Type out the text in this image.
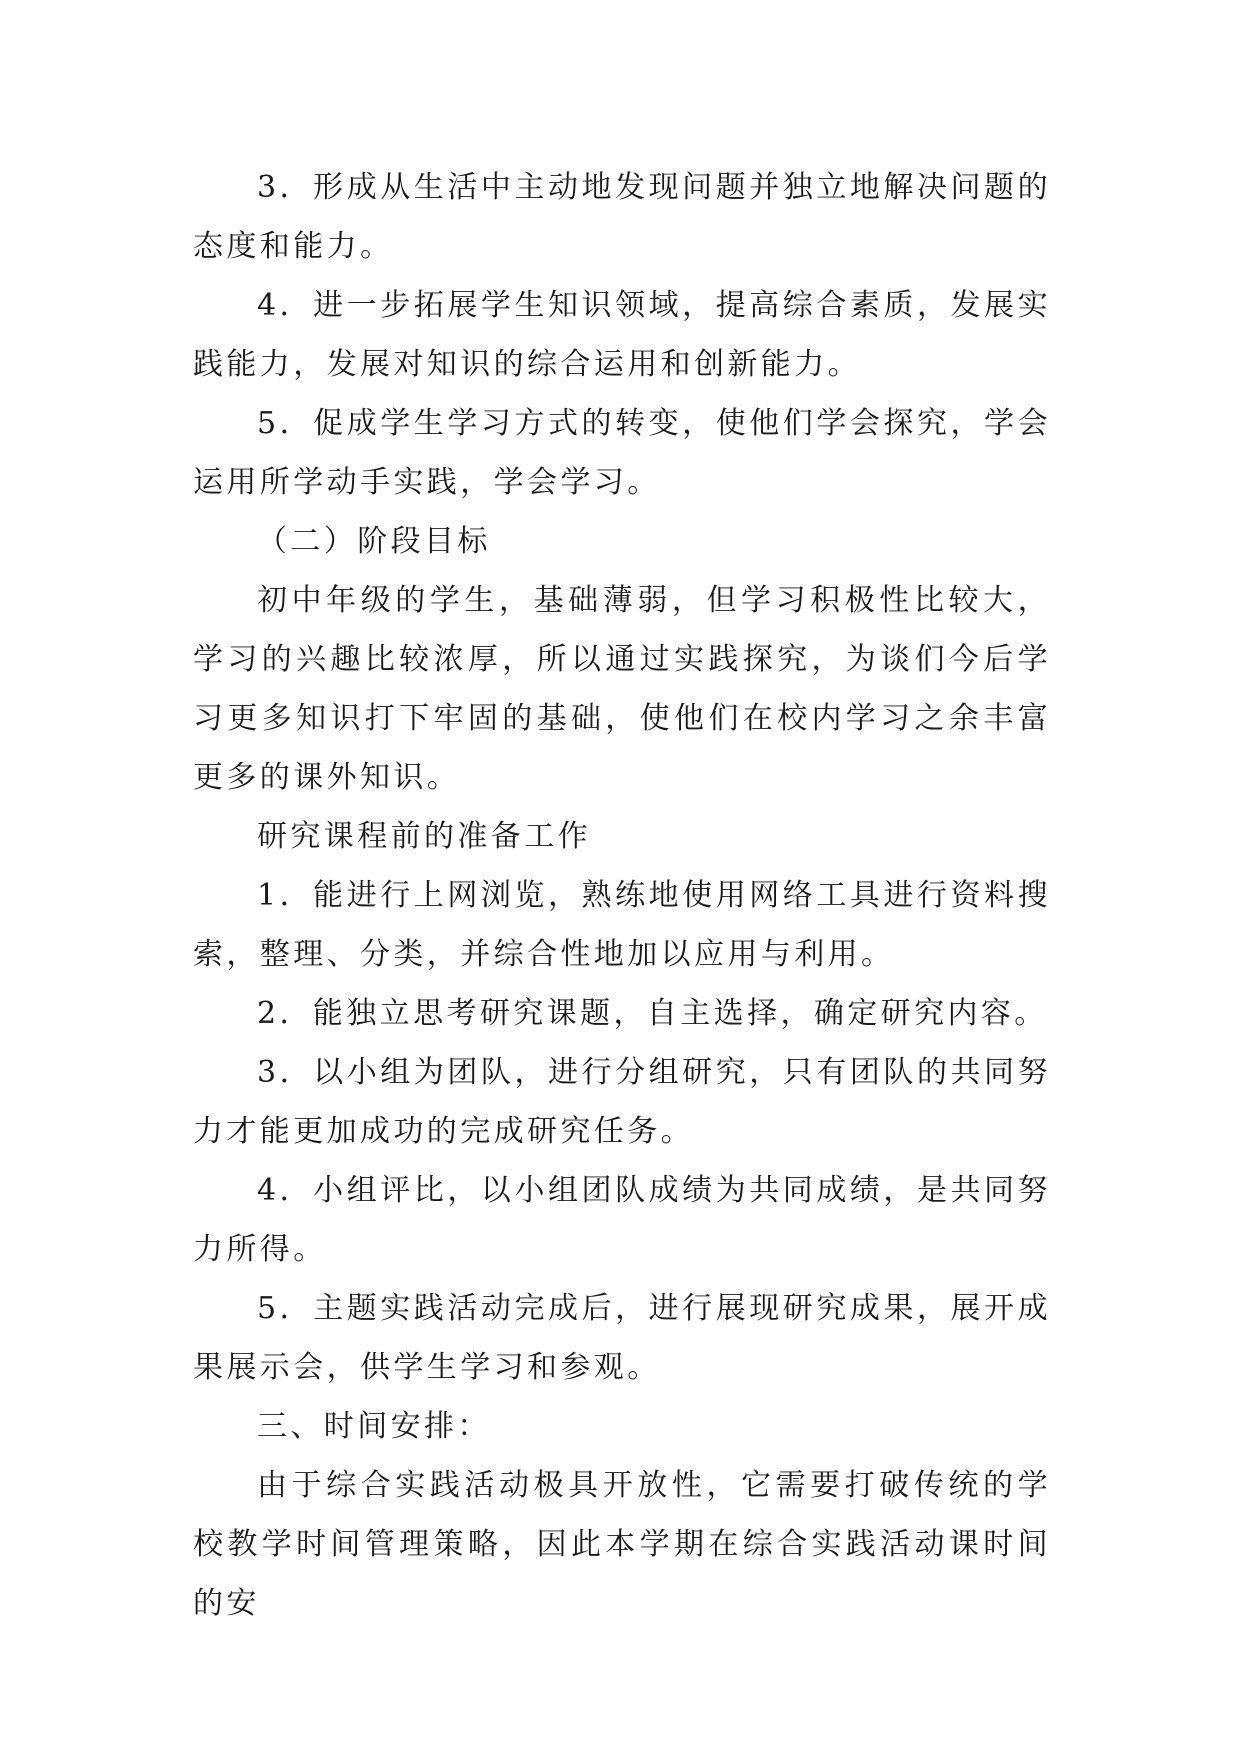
3．形成从生活中主动地发现问题并独立地解决问题的态度和能力。

4．进一步拓展学生知识领域，提高综合素质，发展实践能力，发展对知识的综合运用和创新能力。

5．促成学生学习方式的转变，使他们学会探究，学会运用所学动手实践，学会学习。

（二）阶段目标

初中年级的学生，基础薄弱，但学习积极性比较大，学习的兴趣比较浓厚，所以通过实践探究，为谈们今后学习更多知识打下牢固的基础，使他们在校内学习之余丰富更多的课外知识。

研究课程前的准备工作

1．能进行上网浏览，熟练地使用网络工具进行资料搜索，整理、分类，并综合性地加以应用与利用。

2．能独立思考研究课题，自主选择，确定研究内容。

3．以小组为团队，进行分组研究，只有团队的共同努力才能更加成功的完成研究任务。

4．小组评比，以小组团队成绩为共同成绩，是共同努力所得。

5．主题实践活动完成后，进行展现研究成果，展开成果展示会，供学生学习和参观。

三、时间安排：

由于综合实践活动极具开放性，它需要打破传统的学校教学时间管理策略，因此本学期在综合实践活动课时间的安
